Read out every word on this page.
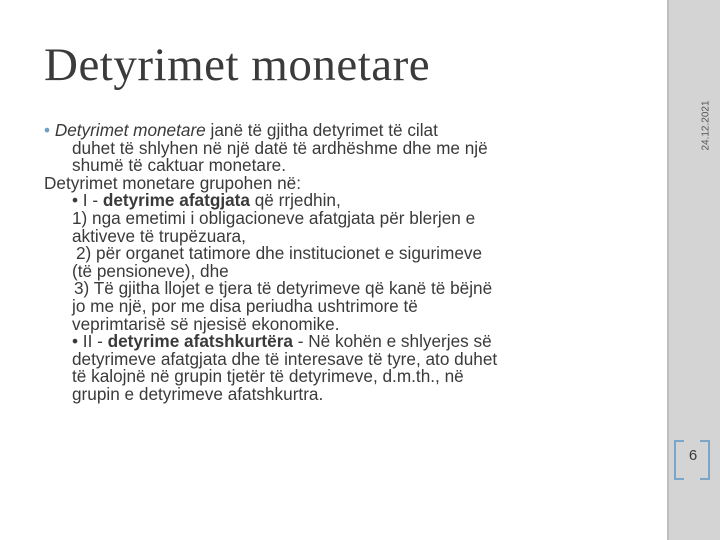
Detyrimet monetare
• Detyrimet monetare janë të gjitha detyrimet të cilat
duhet të shlyhen në një datë të ardhëshme dhe me një
shumë të caktuar monetare.
Detyrimet monetare grupohen në:
• I - detyrime afatgjata që rrjedhin,
1) nga emetimi i obligacioneve afatgjata për blerjen e
aktiveve të trupëzuara,
2) për organet tatimore dhe institucionet e sigurimeve
(të pensioneve), dhe
3) Të gjitha llojet e tjera të detyrimeve që kanë të bëjnë
jo me një, por me disa periudha ushtrimore të
veprimtarisë së njesisë ekonomike.
• II - detyrime afatshkurtëra - Në kohën e shlyerjes së
detyrimeve afatgjata dhe të interesave të tyre, ato duhet
të kalojnë në grupin tjetër të detyrimeve, d.m.th., në
grupin e detyrimeve afatshkurtra.
24.12.2021
6
